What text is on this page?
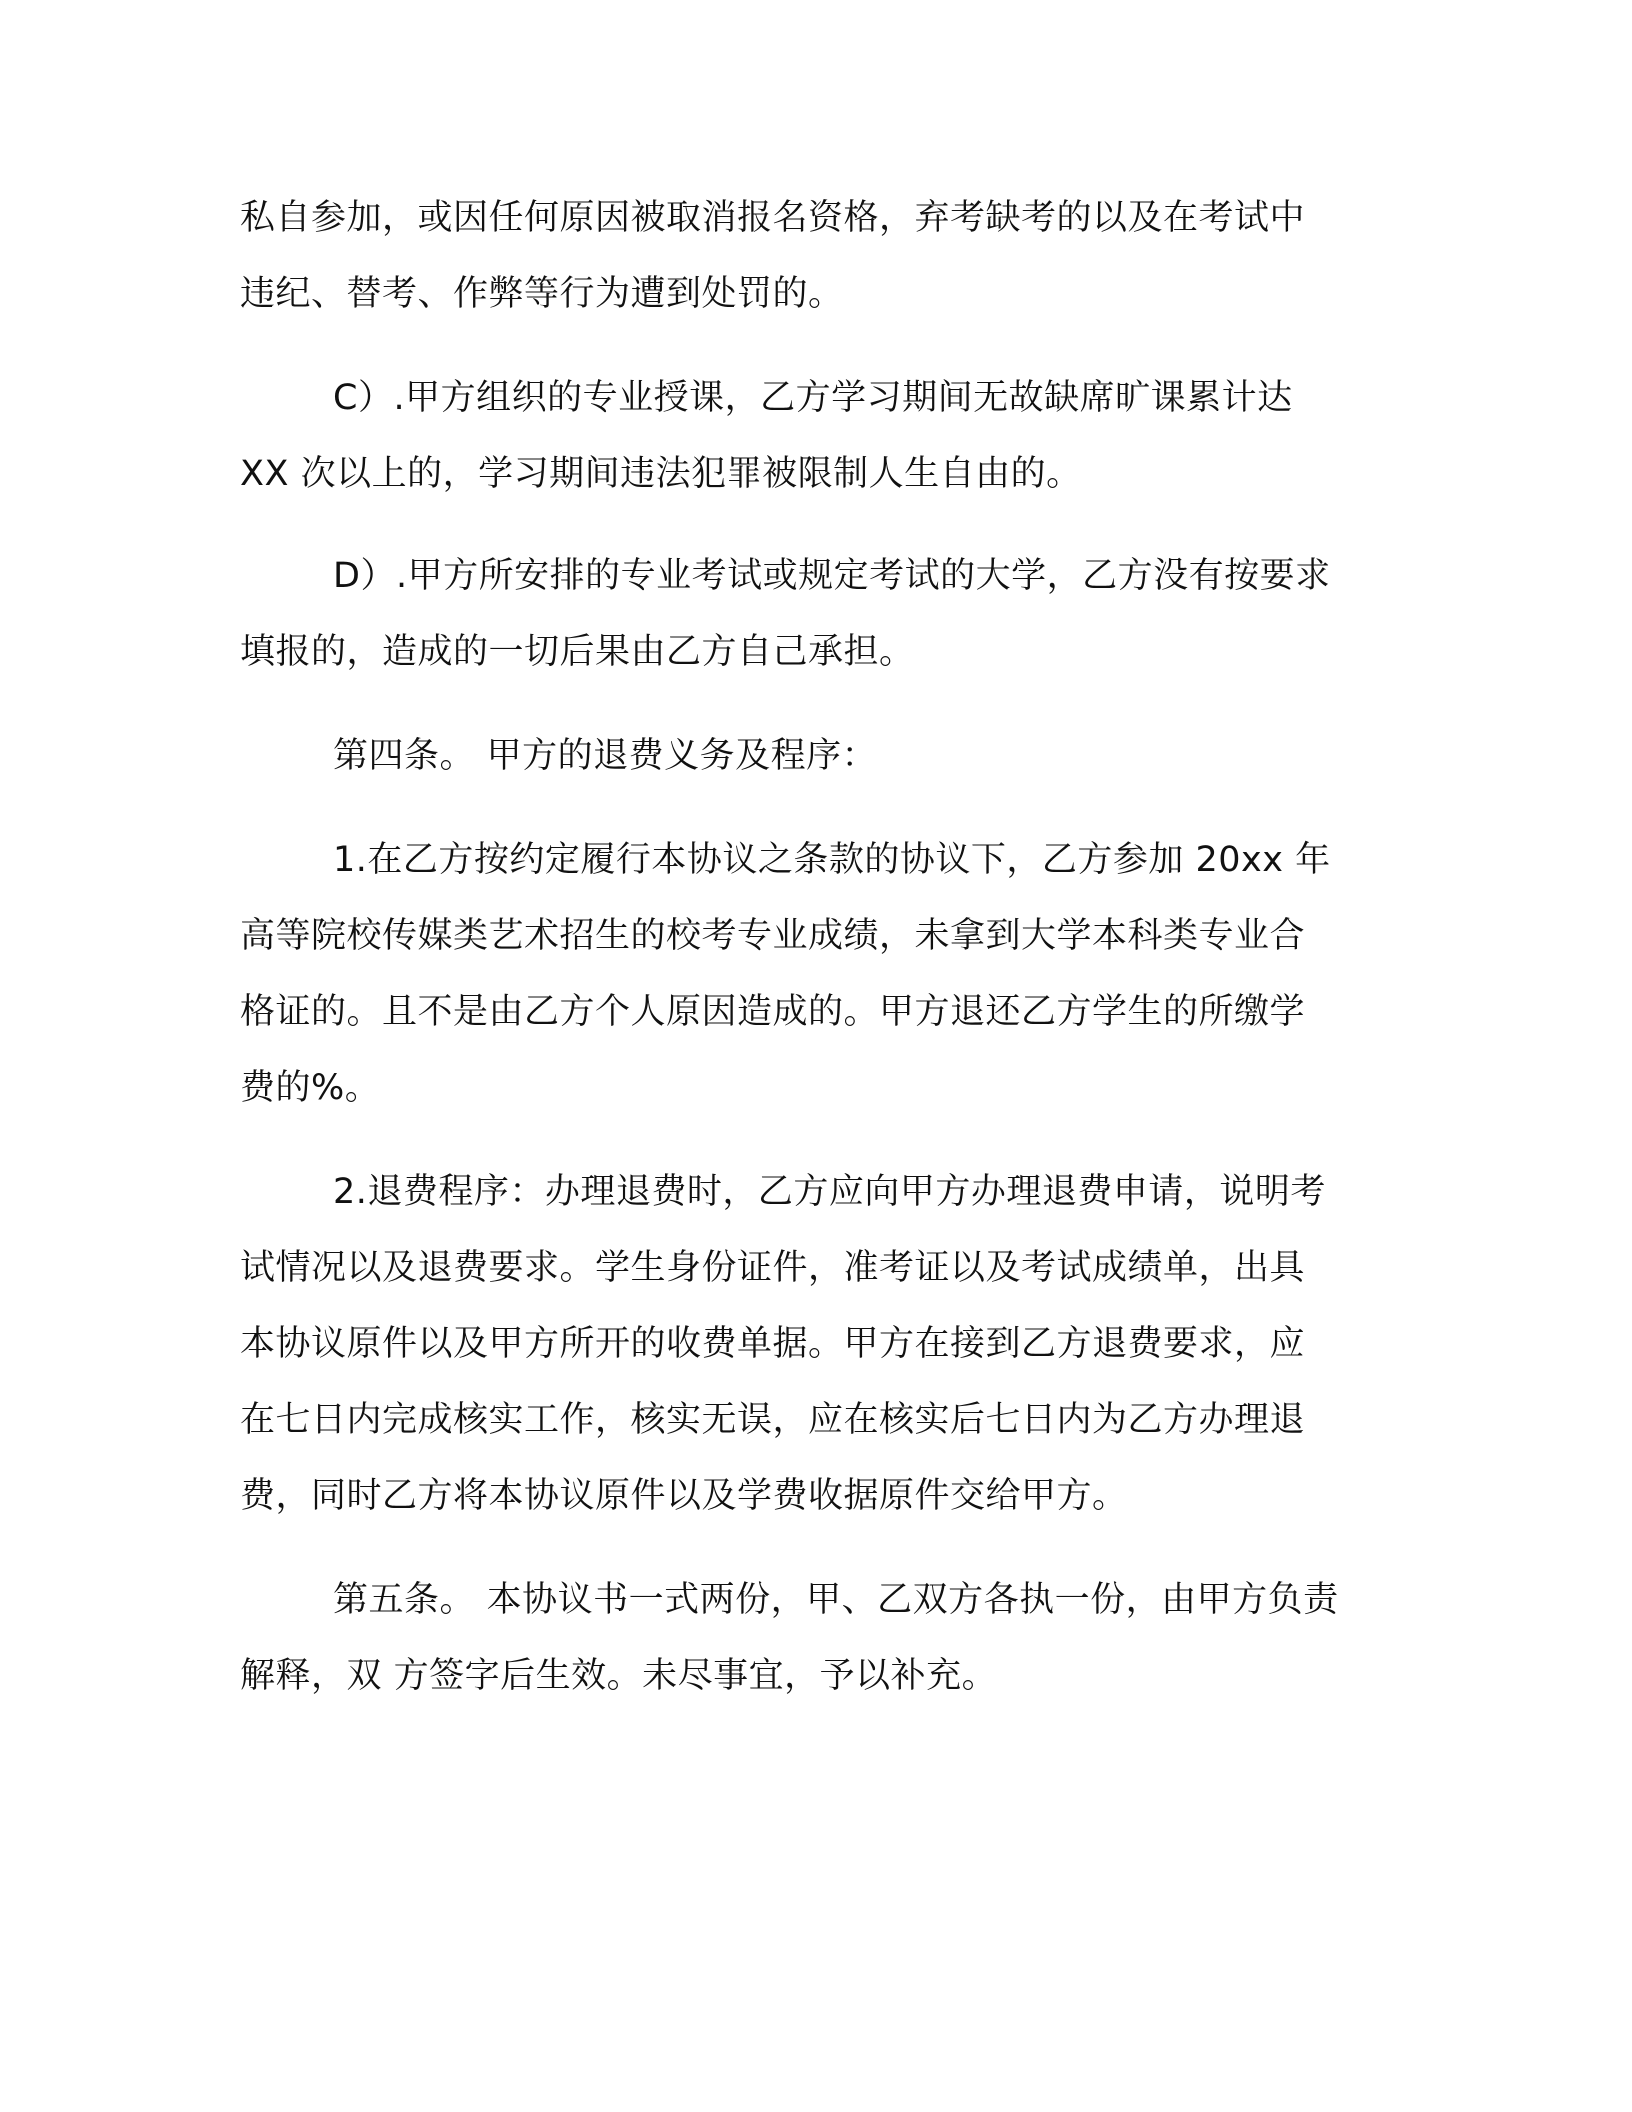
私自参加，或因任何原因被取消报名资格，弃考缺考的以及在考试中
违纪、替考、作弊等行为遭到处罚的。
C）.甲方组织的专业授课，乙方学习期间无故缺席旷课累计达
XX 次以上的，学习期间违法犯罪被限制人生自由的。
D）.甲方所安排的专业考试或规定考试的大学，乙方没有按要求
填报的，造成的一切后果由乙方自己承担。
第四条。 甲方的退费义务及程序：
1.在乙方按约定履行本协议之条款的协议下，乙方参加 20xx 年
高等院校传媒类艺术招生的校考专业成绩，未拿到大学本科类专业合
格证的。且不是由乙方个人原因造成的。甲方退还乙方学生的所缴学
费的%。
2.退费程序：办理退费时，乙方应向甲方办理退费申请，说明考
试情况以及退费要求。学生身份证件，准考证以及考试成绩单，出具
本协议原件以及甲方所开的收费单据。甲方在接到乙方退费要求，应
在七日内完成核实工作，核实无误，应在核实后七日内为乙方办理退
费，同时乙方将本协议原件以及学费收据原件交给甲方。
第五条。 本协议书一式两份，甲、乙双方各执一份，由甲方负责
解释，双 方签字后生效。未尽事宜，予以补充。
